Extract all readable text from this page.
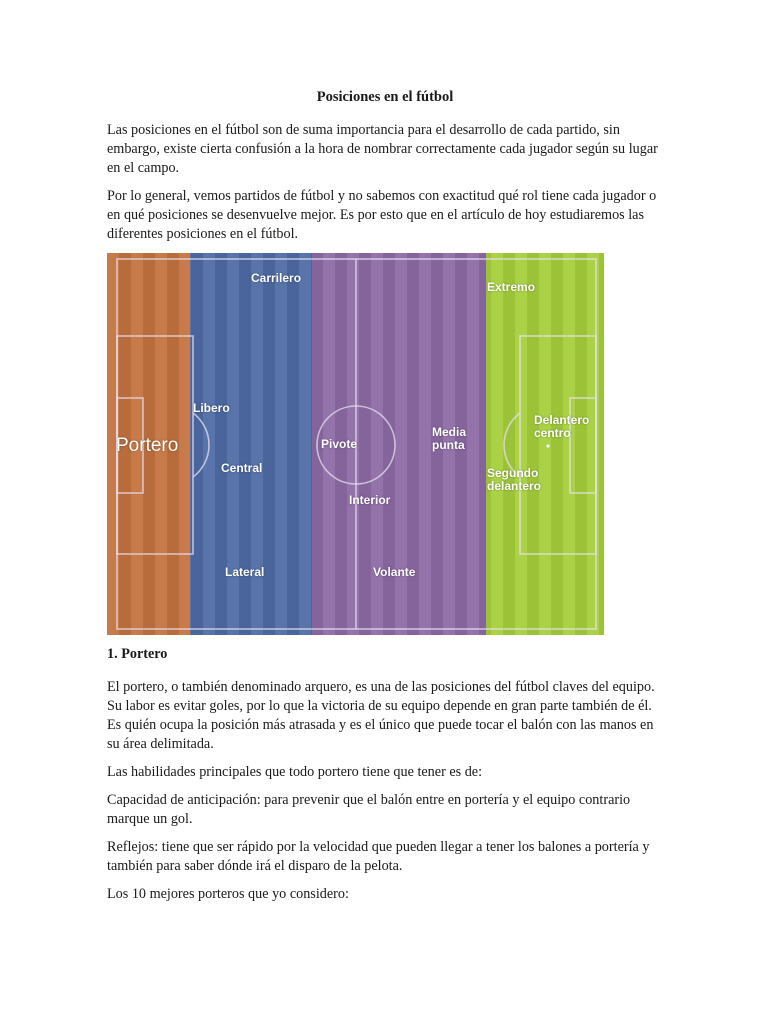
Posiciones en el fútbol

Las posiciones en el fútbol son de suma importancia para el desarrollo de cada partido, sin embargo, existe cierta confusión a la hora de nombrar correctamente cada jugador según su lugar en el campo.

Por lo general, vemos partidos de fútbol y no sabemos con exactitud qué rol tiene cada jugador o en qué posiciones se desenvuelve mejor. Es por esto que en el artículo de hoy estudiaremos las diferentes posiciones en el fútbol.

Carrilero
Extremo
Libero
Portero
Central
Pivote
Media
punta
Delantero
centro
Segundo
delantero
Interior
Lateral	Volante
1. Portero

El portero, o también denominado arquero, es una de las posiciones del fútbol claves del equipo. Su labor es evitar goles, por lo que la victoria de su equipo depende en gran parte también de él. Es quién ocupa la posición más atrasada y es el único que puede tocar el balón con las manos en su área delimitada.

Las habilidades principales que todo portero tiene que tener es de:

Capacidad de anticipación: para prevenir que el balón entre en portería y el equipo contrario marque un gol.

Reflejos: tiene que ser rápido por la velocidad que pueden llegar a tener los balones a portería y también para saber dónde irá el disparo de la pelota.

Los 10 mejores porteros que yo considero:
